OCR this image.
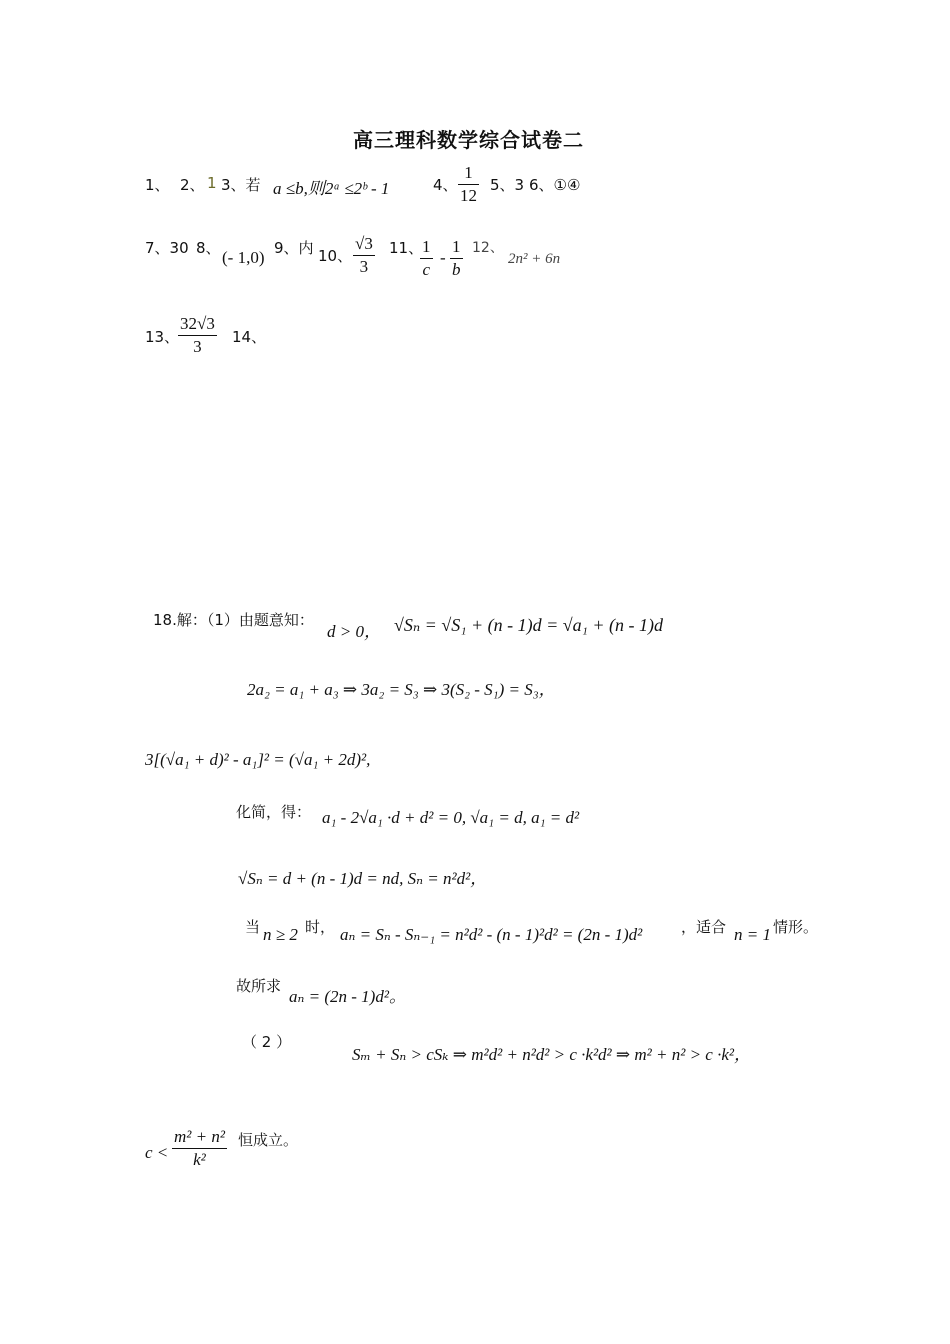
高三理科数学综合试卷二
1、 2、 1 3、若 a ≤b,则2ᵃ ≤2ᵇ - 1	4、
1
12
5、3 6、①④
7、30 8、 (- 1,0) 9、内 10、
√3
3
11、
1
c
-
1
b
12、
2n² + 6n
13、
32√3
3 14、
18.解：（1）由题意知：
d > 0， √Sₙ = √S₁ + (n - 1)d = √a₁ + (n - 1)d
2a₂ = a₁ + a₃ ⇒ 3a₂ = S₃ ⇒ 3(S₂ - S₁) = S₃，
3[(√a₁ + d)² - a₁]² = (√a₁ + 2d)²,
化简，得： a₁ - 2√a₁ ·d + d² = 0, √a₁ = d, a₁ = d²
√Sₙ = d + (n - 1)d = nd, Sₙ = n²d²，
当 n ≥ 2 时， aₙ = Sₙ - Sₙ₋₁ = n²d² - (n - 1)²d² = (2n - 1)d²	，适合 n = 1 情形。
故所求
aₙ = (2n - 1)d²。
（ 2 ）
Sₘ + Sₙ > cSₖ ⇒ m²d² + n²d² > c ·k²d² ⇒ m² + n² > c ·k²，
c <
m² + n²
k²
恒成立。
